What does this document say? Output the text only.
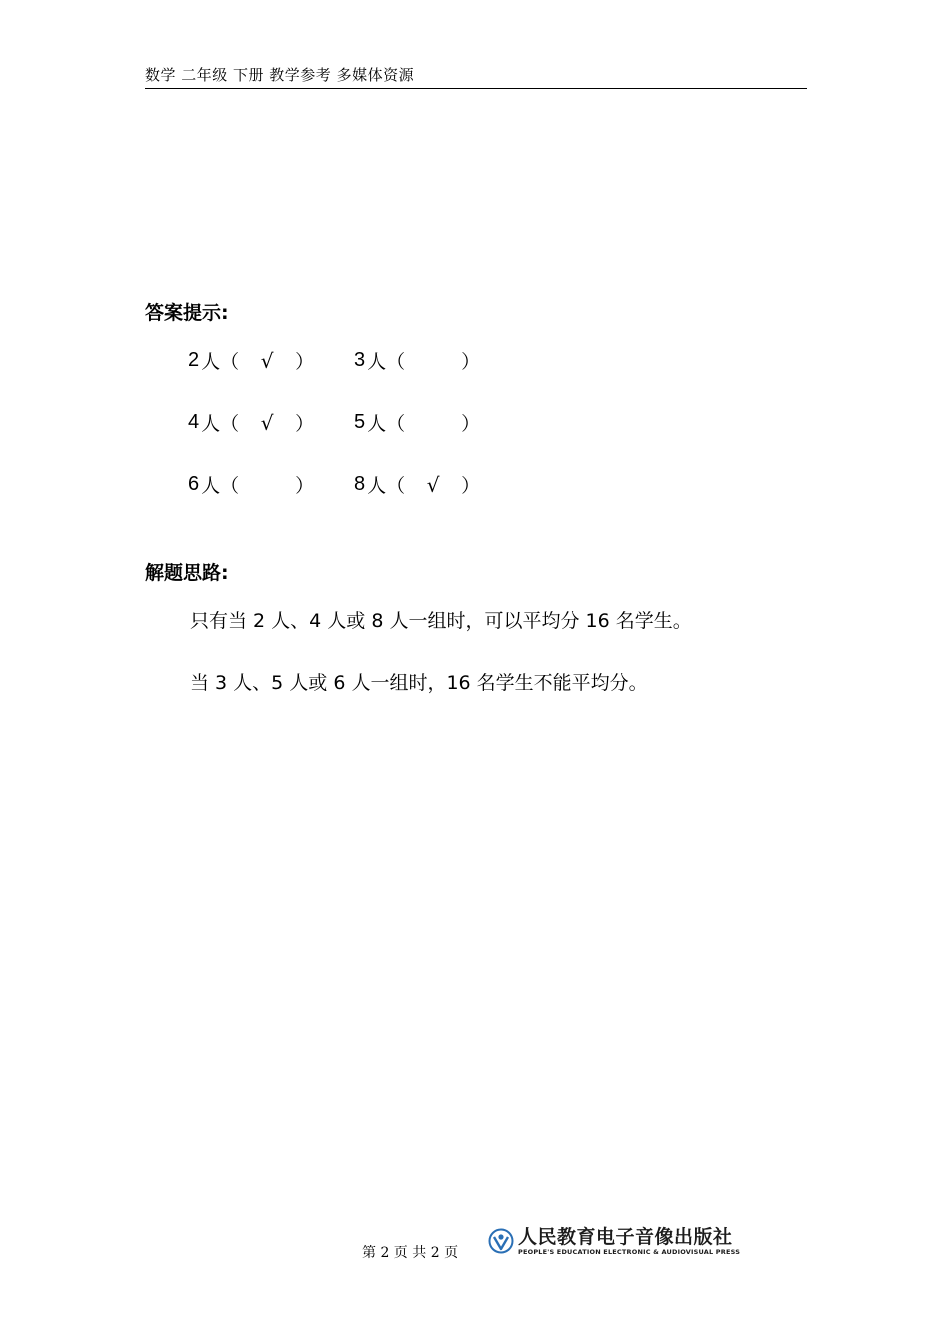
数学 二年级 下册 教学参考 多媒体资源
答案提示:
2 人 （	√	） 3 人 （	）
4 人 （	√	） 5 人 （	）
6 人 （	） 8 人 （	√	）
解题思路:
只有当 2 人、4 人或 8 人一组时，可以平均分 16 名学生。
当 3 人、5 人或 6 人一组时，16 名学生不能平均分。
第 2 页 共 2 页
人民教育电子音像出版社
PEOPLE'S EDUCATION ELECTRONIC & AUDIOVISUAL PRESS
